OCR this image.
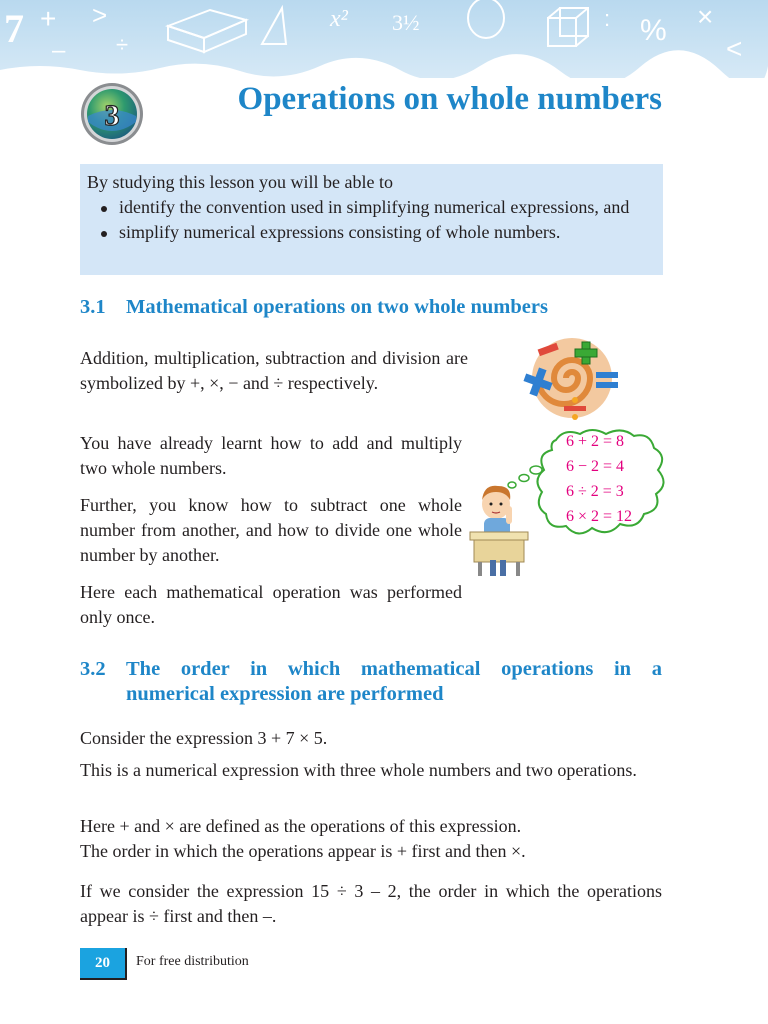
7 + >	x² 3½	% ×
:
<
÷
–
3	Operations on whole numbers
By studying this lesson you will be able to
identify the convention used in simplifying numerical expressions, and
simplify numerical expressions consisting of whole numbers.
3.1 Mathematical operations on two whole numbers
Addition, multiplication, subtraction and division are symbolized by +, ×, − and ÷ respectively.
You have already learnt how to add and multiply two whole numbers.
Further, you know how to subtract one whole number from another, and how to divide one whole number by another.
Here each mathematical operation was performed only once.
6 + 2 = 8
6 − 2 = 4
6 ÷ 2 = 3
6 × 2 = 12
3.2 The order in which mathematical operations in a
numerical expression are performed
Consider the expression 3 + 7 × 5.
This is a numerical expression with three whole numbers and two operations.
Here + and × are defined as the operations of this expression.
The order in which the operations appear is + first and then ×.
If we consider the expression 15 ÷ 3 – 2, the order in which the operations appear is ÷ first and then –.
20	For free distribution
